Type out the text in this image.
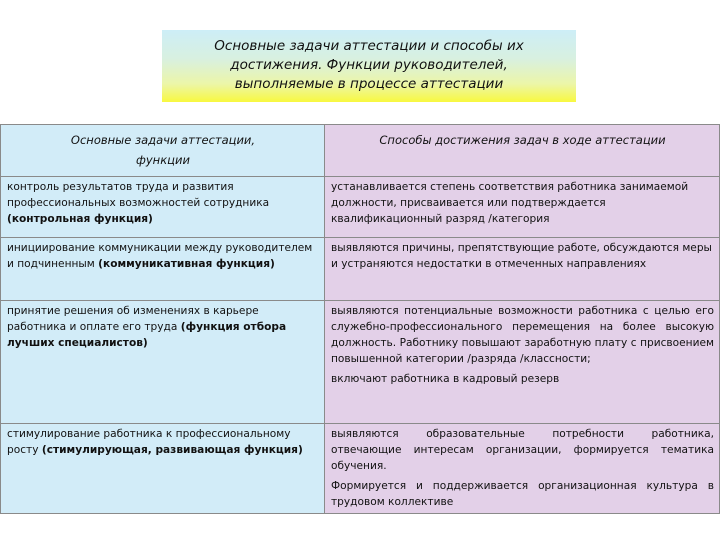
Основные задачи аттестации и способы их
достижения. Функции руководителей,
выполняемые в процессе аттестации
Основные задачи аттестации,
функции	Способы достижения задач в ходе аттестации
контроль результатов труда и развития профессиональных возможностей сотрудника (контрольная функция)	устанавливается степень соответствия работника занимаемой должности, присваивается или подтверждается квалификационный разряд /категория
инициирование коммуникации между руководителем и подчиненным (коммуникативная функция)	выявляются причины, препятствующие работе, обсуждаются меры и устраняются недостатки в отмеченных направлениях
принятие решения об изменениях в карьере работника и оплате его труда (функция отбора лучших специалистов)	выявляются потенциальные возможности работника с целью его служебно-профессионального перемещения на более высокую должность. Работнику повышают заработную плату с присвоением повышенной категории /разряда /классности;

включают работника в кадровый резерв

стимулирование работника к профессиональному росту (стимулирующая, развивающая функция)	выявляются образовательные потребности работника, отвечающие интересам организации, формируется тематика обучения.

Формируется и поддерживается организационная культура в трудовом коллективе
